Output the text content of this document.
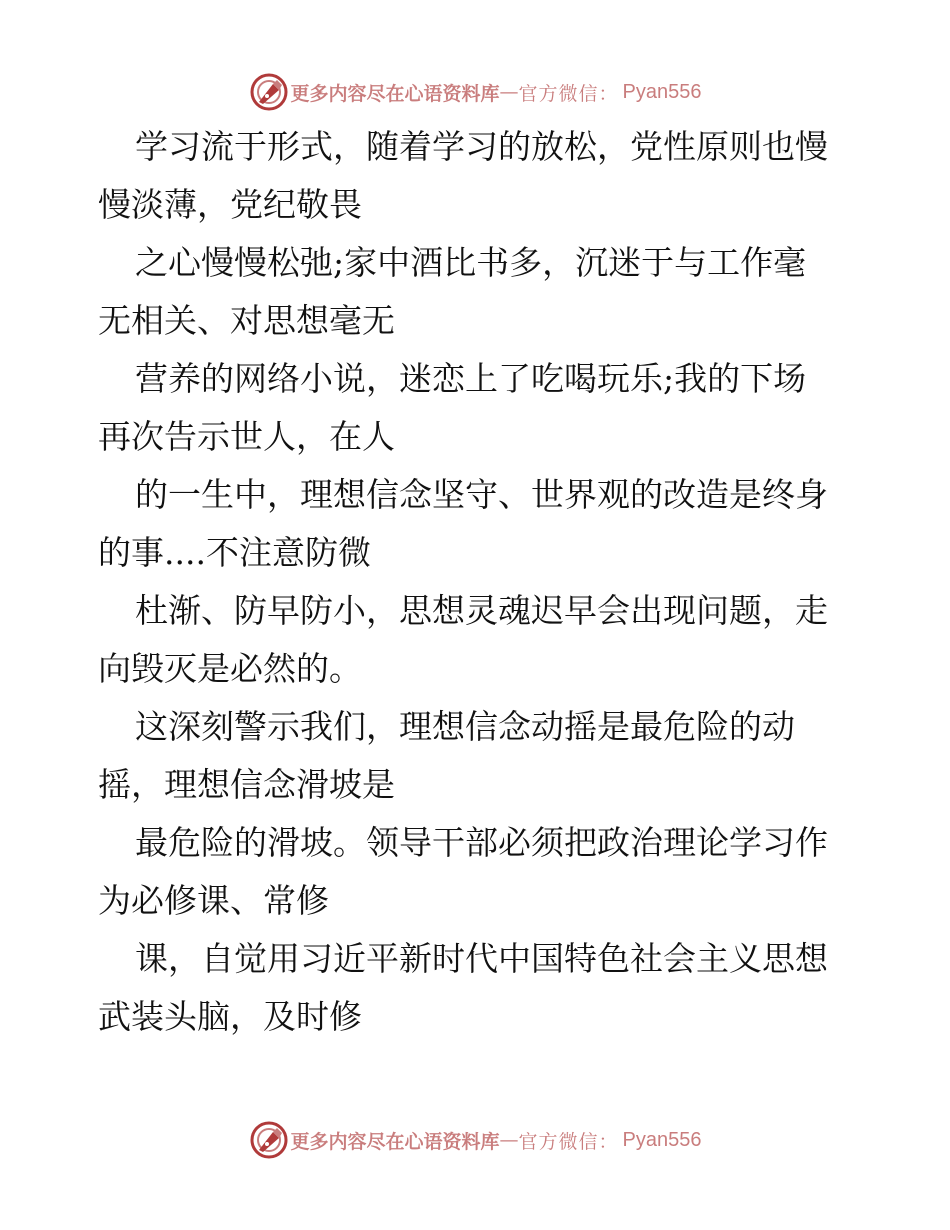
更多内容尽在心语资料库 — 官方微信： Pyan556

学习流于形式，随着学习的放松，党性原则也慢
慢淡薄，党纪敬畏

之心慢慢松弛;家中酒比书多，沉迷于与工作毫
无相关、对思想毫无

营养的网络小说，迷恋上了吃喝玩乐;我的下场
再次告示世人，在人

的一生中，理想信念坚守、世界观的改造是终身
的事....不注意防微

杜渐、防早防小，思想灵魂迟早会出现问题，走
向毁灭是必然的。

这深刻警示我们，理想信念动摇是最危险的动
摇，理想信念滑坡是

最危险的滑坡。领导干部必须把政治理论学习作
为必修课、常修

课，自觉用习近平新时代中国特色社会主义思想
武装头脑，及时修

更多内容尽在心语资料库 — 官方微信： Pyan556
